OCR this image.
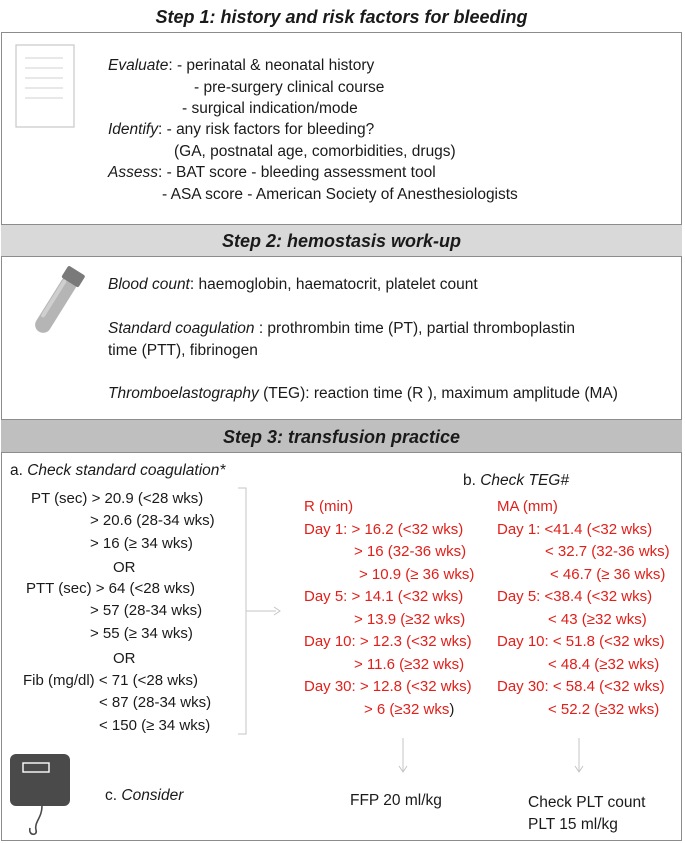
Step 1: history and risk factors for bleeding
Evaluate: - perinatal & neonatal history
- pre-surgery clinical course
- surgical indication/mode
Identify: - any risk factors for bleeding?
(GA, postnatal age, comorbidities, drugs)
Assess: - BAT score - bleeding assessment tool
- ASA score - American Society of Anesthesiologists
Step 2: hemostasis work-up
Blood count: haemoglobin, haematocrit, platelet count
Standard coagulation : prothrombin time (PT), partial thromboplastin
time (PTT), fibrinogen
Thromboelastography (TEG): reaction time (R ), maximum amplitude (MA)
Step 3: transfusion practice
a. Check standard coagulation*
PT (sec) > 20.9 (<28 wks)
> 20.6 (28-34 wks)
> 16 (≥ 34 wks)
OR
PTT (sec) > 64 (<28 wks)
> 57 (28-34 wks)
> 55 (≥ 34 wks)
OR
Fib (mg/dl) < 71 (<28 wks)
< 87 (28-34 wks)
< 150 (≥ 34 wks)
b. Check TEG#
R (min)
Day 1: > 16.2 (<32 wks)
> 16 (32-36 wks)
> 10.9 (≥ 36 wks)
Day 5: > 14.1 (<32 wks)
> 13.9 (≥32 wks)
Day 10: > 12.3 (<32 wks)
> 11.6 (≥32 wks)
Day 30: > 12.8 (<32 wks)
> 6 (≥32 wks)
MA (mm)
Day 1: <41.4 (<32 wks)
< 32.7 (32-36 wks)
< 46.7 (≥ 36 wks)
Day 5: <38.4 (<32 wks)
< 43 (≥32 wks)
Day 10: < 51.8 (<32 wks)
< 48.4 (≥32 wks)
Day 30: < 58.4 (<32 wks)
< 52.2 (≥32 wks)
c. Consider	FFP 20 ml/kg	Check PLT count
PLT 15 ml/kg
